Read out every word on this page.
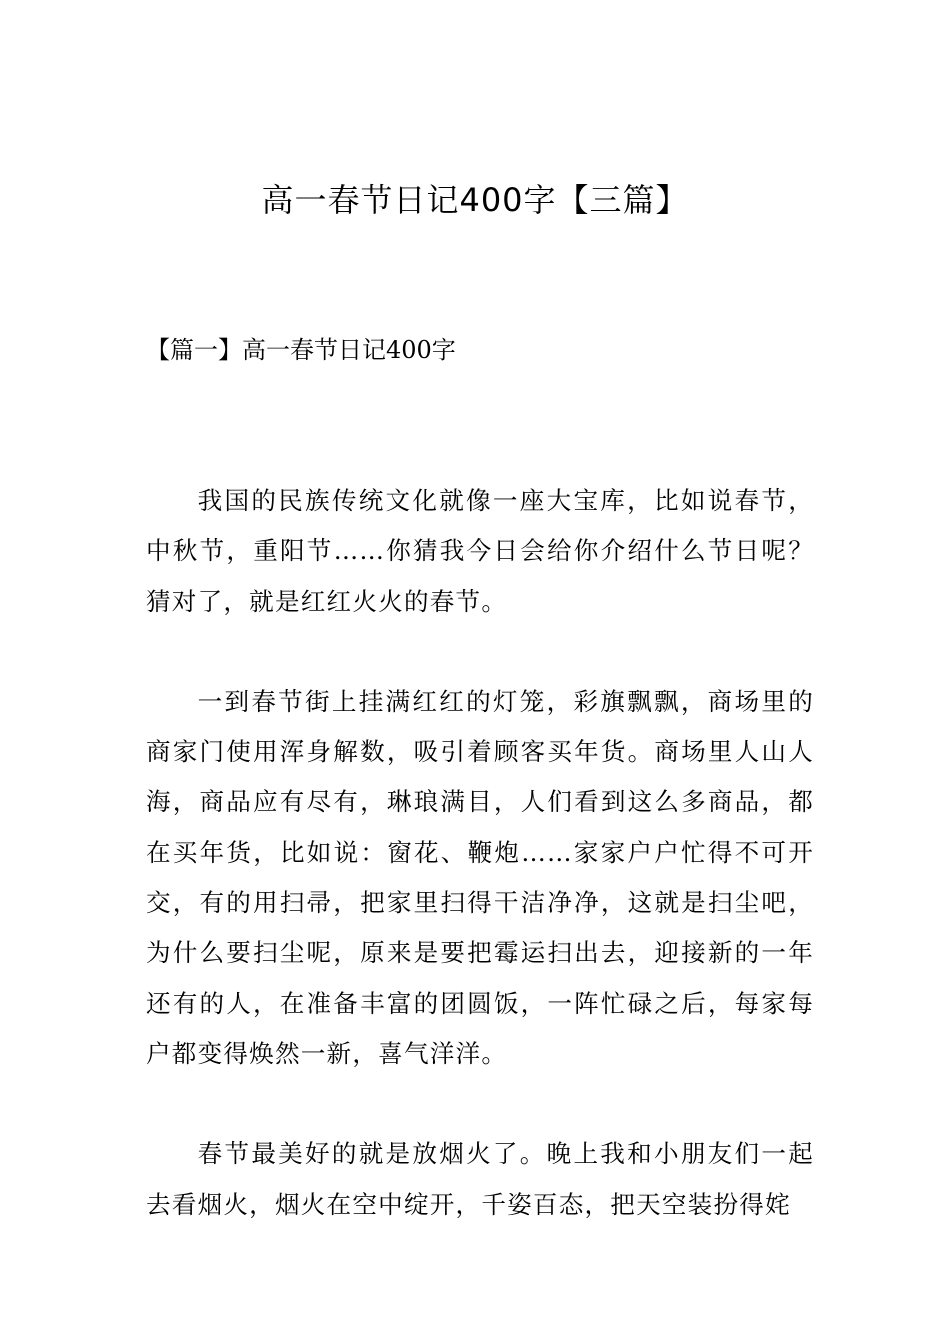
高一春节日记400字【三篇】
【篇一】高一春节日记400字

我国的民族传统文化就像一座大宝库，比如说春节，中秋节，重阳节……你猜我今日会给你介绍什么节日呢？猜对了，就是红红火火的春节。

一到春节街上挂满红红的灯笼，彩旗飘飘，商场里的商家门使用浑身解数，吸引着顾客买年货。商场里人山人海，商品应有尽有，琳琅满目，人们看到这么多商品，都在买年货，比如说：窗花、鞭炮……家家户户忙得不可开交，有的用扫帚，把家里扫得干洁净净，这就是扫尘吧，为什么要扫尘呢，原来是要把霉运扫出去，迎接新的一年还有的人，在准备丰富的团圆饭，一阵忙碌之后，每家每户都变得焕然一新，喜气洋洋。

春节最美好的就是放烟火了。晚上我和小朋友们一起去看烟火，烟火在空中绽开，千姿百态，把天空装扮得姹
